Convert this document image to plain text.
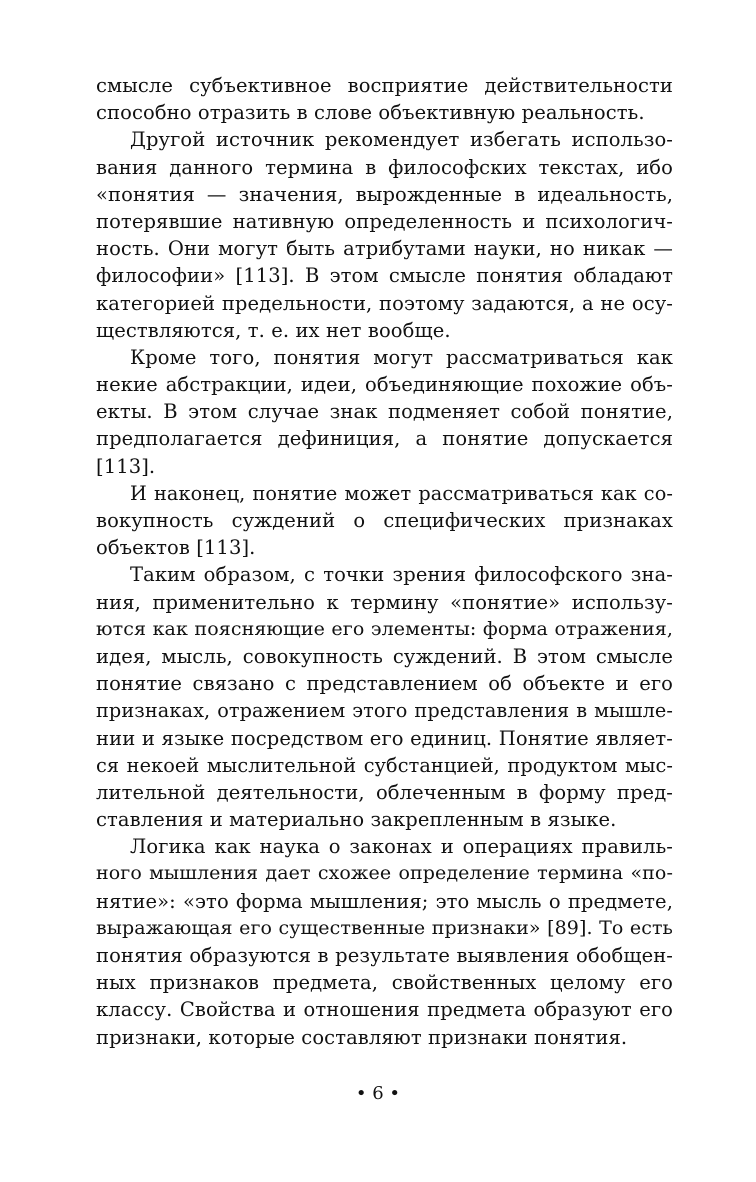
смысле субъективное восприятие действительности
способно отразить в слове объективную реальность.
Другой источник рекомендует избегать использо-
вания данного термина в философских текстах, ибо
«понятия — значения, вырожденные в идеальность,
потерявшие нативную определенность и психологич-
ность. Они могут быть атрибутами науки, но никак —
философии» [113]. В этом смысле понятия обладают
категорией предельности, поэтому задаются, а не осу-
ществляются, т. е. их нет вообще.
Кроме того, понятия могут рассматриваться как
некие абстракции, идеи, объединяющие похожие объ-
екты. В этом случае знак подменяет собой понятие,
предполагается дефиниция, а понятие допускается
[113].
И наконец, понятие может рассматриваться как со-
вокупность суждений о специфических признаках
объектов [113].
Таким образом, с точки зрения философского зна-
ния, применительно к термину «понятие» использу-
ются как поясняющие его элементы: форма отражения,
идея, мысль, совокупность суждений. В этом смысле
понятие связано с представлением об объекте и его
признаках, отражением этого представления в мышле-
нии и языке посредством его единиц. Понятие являет-
ся некоей мыслительной субстанцией, продуктом мыс-
лительной деятельности, облеченным в форму пред-
ставления и материально закрепленным в языке.
Логика как наука о законах и операциях правиль-
ного мышления дает схожее определение термина «по-
нятие»: «это форма мышления; это мысль о предмете,
выражающая его существенные признаки» [89]. То есть
понятия образуются в результате выявления обобщен-
ных признаков предмета, свойственных целому его
классу. Свойства и отношения предмета образуют его
признаки, которые составляют признаки понятия.
• 6 •
